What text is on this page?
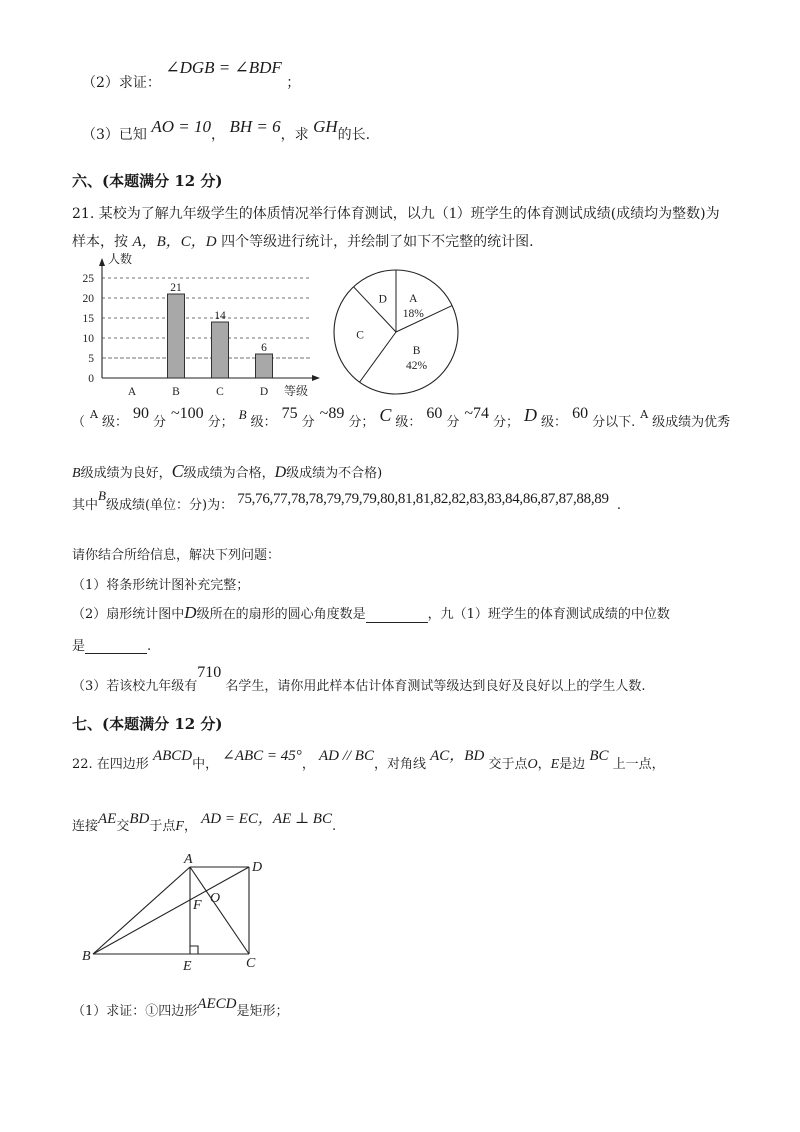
（2）求证： ∠DGB = ∠BDF ；
（3）已知 AO = 10， BH = 6，求 GH的长.
六、(本题满分 12 分)
21. 某校为了解九年级学生的体质情况举行体育测试，以九（1）班学生的体育测试成绩(成绩均为整数)为
样本，按 A，B，C，D 四个等级进行统计，并绘制了如下不完整的统计图.
人数
等级
0
5
10
15
20
25
A	B
21
C
14
D
6
A
18%
B
42%
C
D
（$^A$级：90分~100分；B级：75分~89分； C 级：60分~74分； D 级：60分以下.$^A$级成绩为优秀
B级成绩为良好，C级成绩为合格，D级成绩为不合格)
其中B级成绩(单位：分)为： 75,76,77,78,78,79,79,79,80,81,81,82,82,83,83,84,86,87,87,88,89 .
请你结合所给信息，解决下列问题：
（1）将条形统计图补充完整；
（2）扇形统计图中D级所在的扇形的圆心角度数是	，九（1）班学生的体育测试成绩的中位数
是	.
（3）若该校九年级有710 名学生，请你用此样本估计体育测试等级达到良好及良好以上的学生人数.
七、(本题满分 12 分)
22. 在四边形 ABCD中， ∠ABC = 45°， AD // BC，对角线 AC，BD 交于点O，E是边 BC 上一点，
连接AE交BD于点F， AD = EC，AE ⊥ BC.
A
D
B	C
E
F O
（1）求证：①四边形AECD是矩形；
